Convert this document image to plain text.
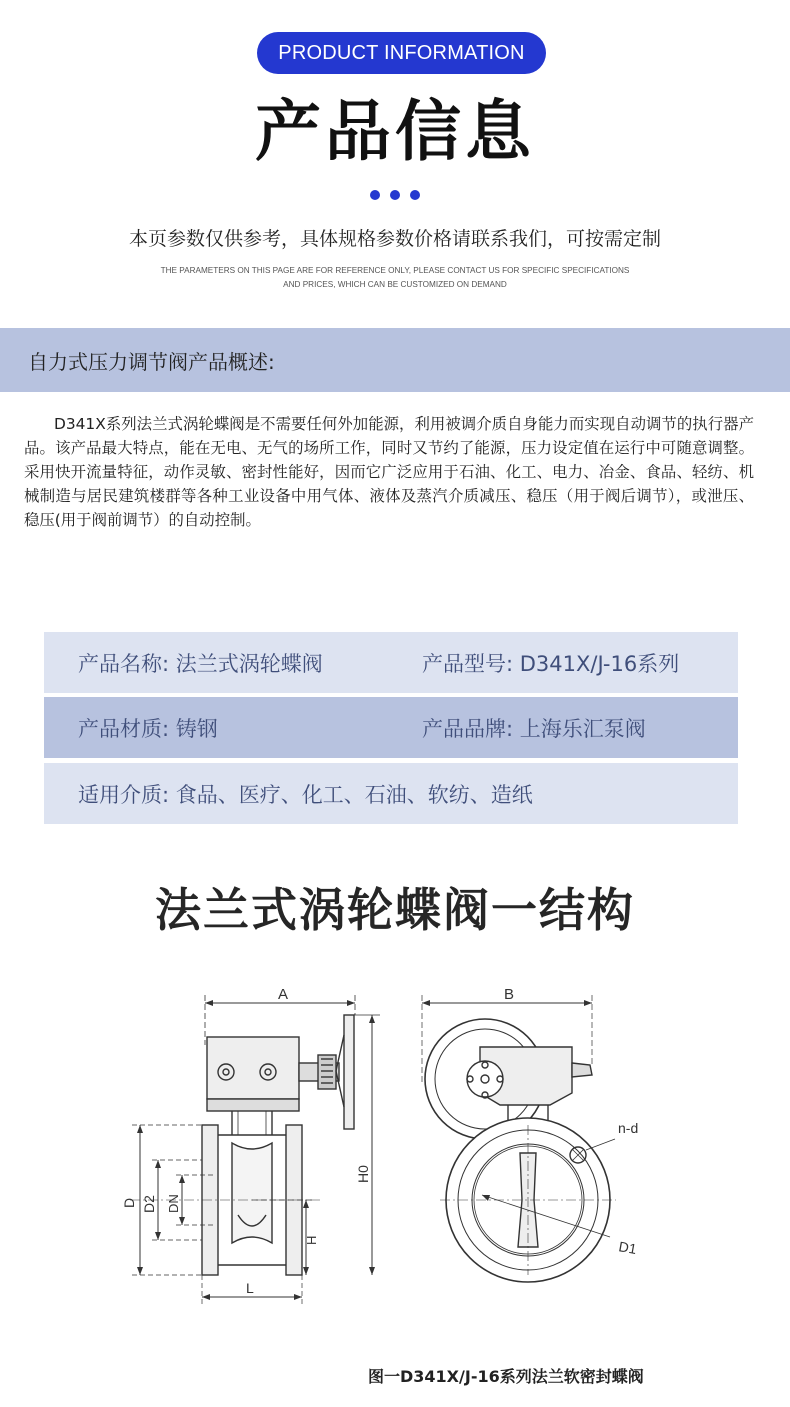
PRODUCT INFORMATION
产品信息
本页参数仅供参考，具体规格参数价格请联系我们，可按需定制
THE PARAMETERS ON THIS PAGE ARE FOR REFERENCE ONLY, PLEASE CONTACT US FOR SPECIFIC SPECIFICATIONS
AND PRICES, WHICH CAN BE CUSTOMIZED ON DEMAND
自力式压力调节阀产品概述:
D341X系列法兰式涡轮蝶阀是不需要任何外加能源，利用被调介质自身能力而实现自动调节的执行器产品。该产品最大特点，能在无电、无气的场所工作，同时又节约了能源，压力设定值在运行中可随意调整。采用快开流量特征，动作灵敏、密封性能好，因而它广泛应用于石油、化工、电力、冶金、食品、轻纺、机械制造与居民建筑楼群等各种工业设备中用气体、液体及蒸汽介质减压、稳压（用于阀后调节），或泄压、稳压(用于阀前调节）的自动控制。
产品名称: 法兰式涡轮蝶阀	产品型号: D341X/J-16系列
产品材质: 铸钢	产品品牌: 上海乐汇泵阀
适用介质: 食品、医疗、化工、石油、软纺、造纸
法兰式涡轮蝶阀一结构
A
H0
D D2 DN
H
L
B
n-d
D1
图一D341X/J-16系列法兰软密封蝶阀
